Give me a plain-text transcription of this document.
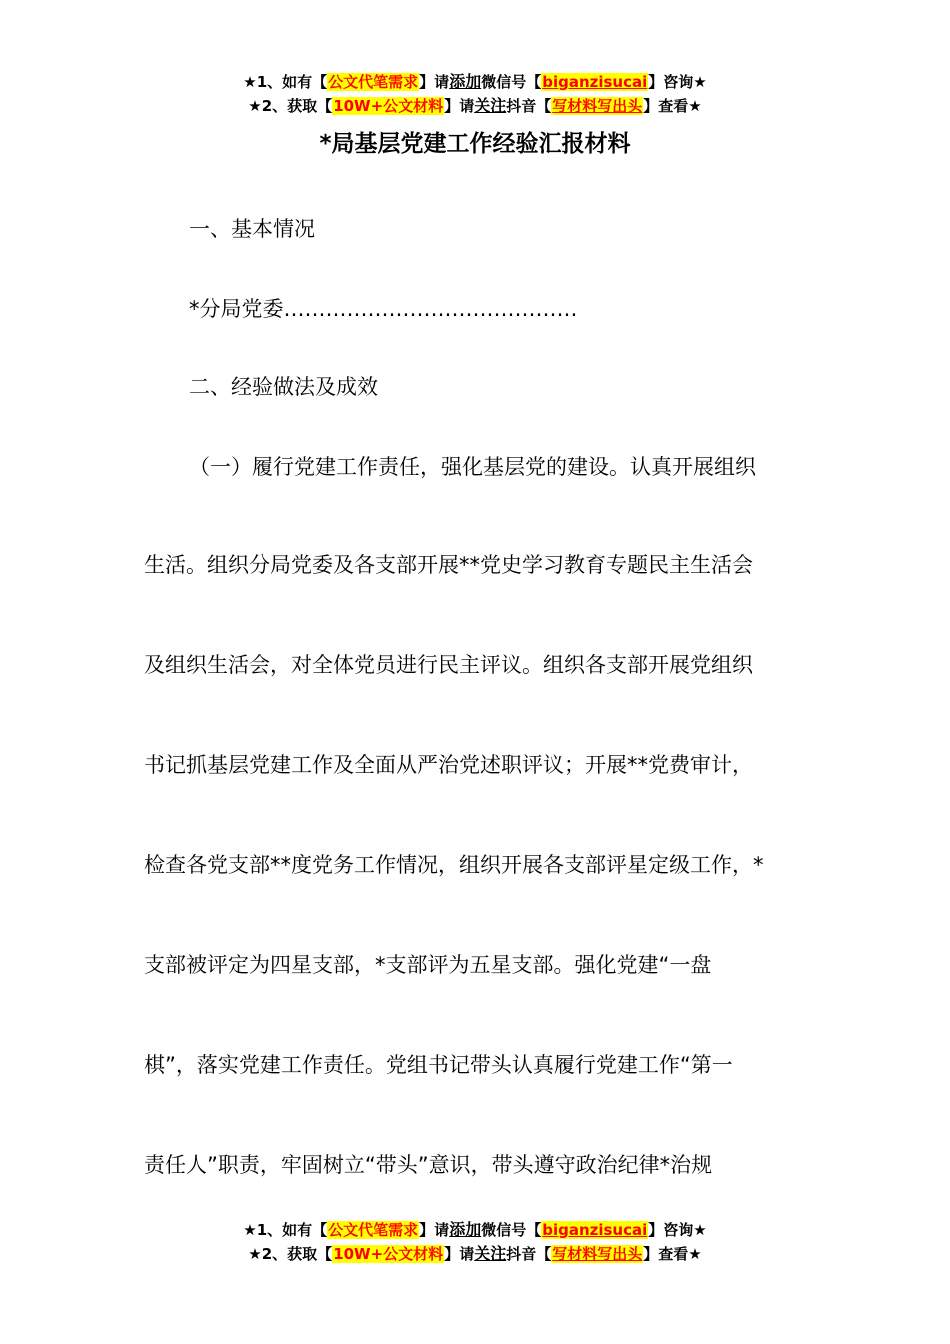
★1、如有【公文代笔需求】请添加微信号【biganzisucai】咨询★
★2、获取【10W+公文材料】请关注抖音【写材料写出头】查看★
*局基层党建工作经验汇报材料
一、基本情况
*分局党委……………………………………
二、经验做法及成效
（一）履行党建工作责任，强化基层党的建设。认真开展组织
生活。组织分局党委及各支部开展**党史学习教育专题民主生活会
及组织生活会，对全体党员进行民主评议。组织各支部开展党组织
书记抓基层党建工作及全面从严治党述职评议；开展**党费审计，
检查各党支部**度党务工作情况，组织开展各支部评星定级工作，*
支部被评定为四星支部，*支部评为五星支部。强化党建“一盘
棋”，落实党建工作责任。党组书记带头认真履行党建工作“第一
责任人”职责，牢固树立“带头”意识，带头遵守政治纪律*治规
★1、如有【公文代笔需求】请添加微信号【biganzisucai】咨询★
★2、获取【10W+公文材料】请关注抖音【写材料写出头】查看★
